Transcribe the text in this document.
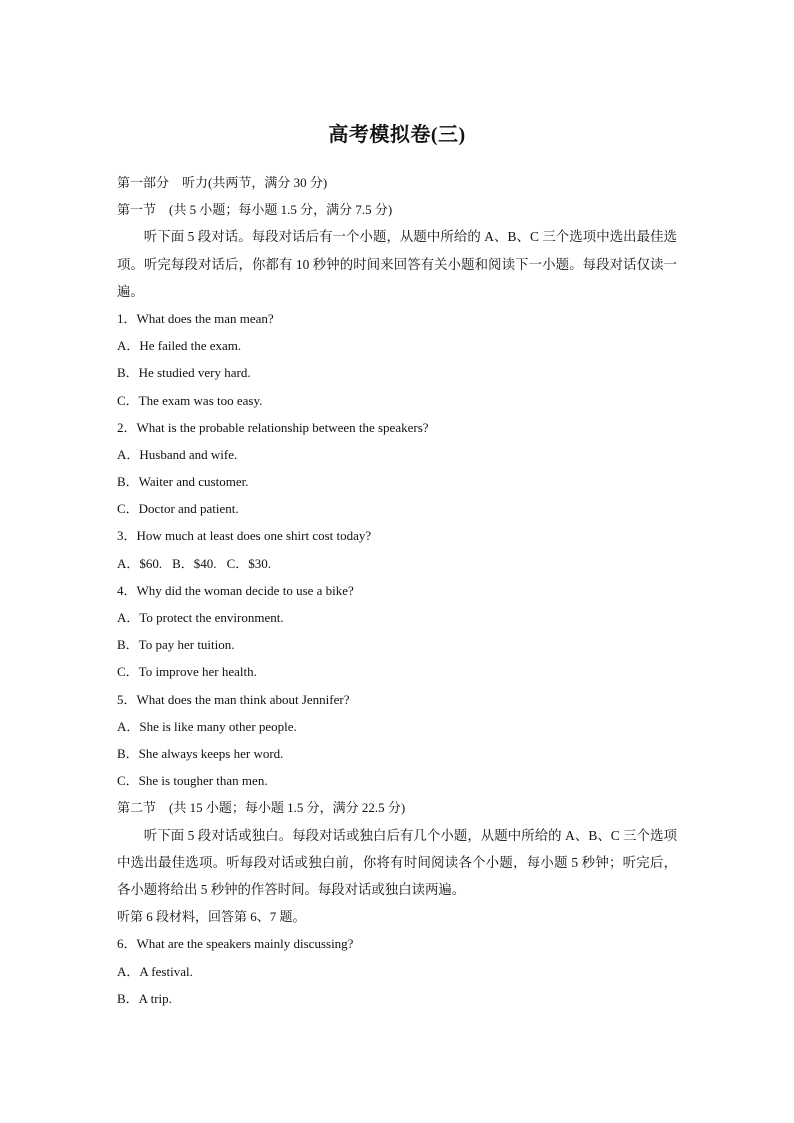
高考模拟卷(三)
第一部分　听力(共两节，满分 30 分)
第一节　(共 5 小题；每小题 1.5 分，满分 7.5 分)

听下面 5 段对话。每段对话后有一个小题，从题中所给的 A、B、C 三个选项中选出最佳选项。听完每段对话后，你都有 10 秒钟的时间来回答有关小题和阅读下一小题。每段对话仅读一遍。

1．What does the man mean?
A．He failed the exam.
B．He studied very hard.
C．The exam was too easy.
2．What is the probable relationship between the speakers?
A．Husband and wife.
B．Waiter and customer.
C．Doctor and patient.
3．How much at least does one shirt cost today?
A．$60. B．$40. C．$30.
4．Why did the woman decide to use a bike?
A．To protect the environment.
B．To pay her tuition.
C．To improve her health.
5．What does the man think about Jennifer?
A．She is like many other people.
B．She always keeps her word.
C．She is tougher than men.
第二节　(共 15 小题；每小题 1.5 分，满分 22.5 分)

听下面 5 段对话或独白。每段对话或独白后有几个小题，从题中所给的 A、B、C 三个选项中选出最佳选项。听每段对话或独白前，你将有时间阅读各个小题，每小题 5 秒钟；听完后，各小题将给出 5 秒钟的作答时间。每段对话或独白读两遍。

听第 6 段材料，回答第 6、7 题。
6．What are the speakers mainly discussing?
A．A festival.
B．A trip.
